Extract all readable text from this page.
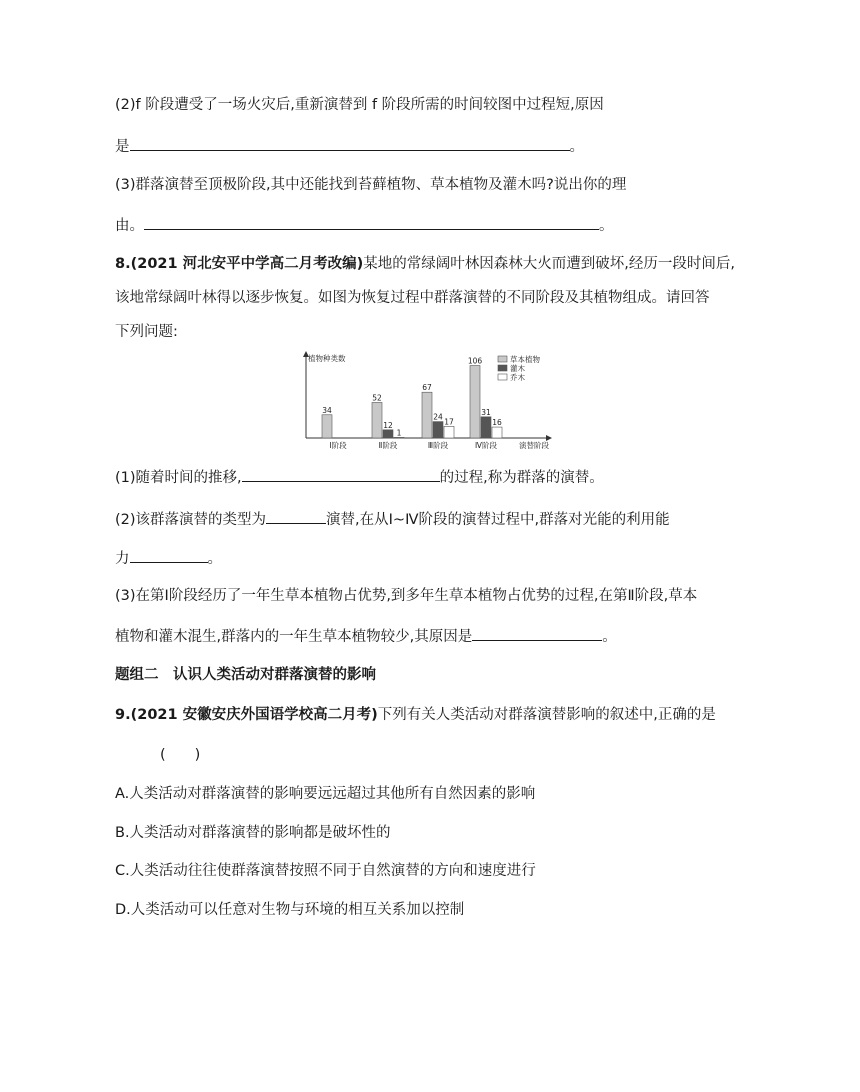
(2)f 阶段遭受了一场火灾后,重新演替到 f 阶段所需的时间较图中过程短,原因
是	。
(3)群落演替至顶极阶段,其中还能找到苔藓植物、草本植物及灌木吗?说出你的理
由。	。
8.(2021 河北安平中学高二月考改编)某地的常绿阔叶林因森林大火而遭到破坏,经历一段时间后,
该地常绿阔叶林得以逐步恢复。如图为恢复过程中群落演替的不同阶段及其植物组成。请回答
下列问题:
植物种类数
演替阶段
34
Ⅰ阶段
52
12
1
Ⅱ阶段
67
24
17
Ⅲ阶段
106
31
16
Ⅳ阶段
草本植物
灌木
乔木
(1)随着时间的推移,	的过程,称为群落的演替。
(2)该群落演替的类型为	演替,在从Ⅰ~Ⅳ阶段的演替过程中,群落对光能的利用能
力	。
(3)在第Ⅰ阶段经历了一年生草本植物占优势,到多年生草本植物占优势的过程,在第Ⅱ阶段,草本
植物和灌木混生,群落内的一年生草本植物较少,其原因是	。
题组二　认识人类活动对群落演替的影响
9.(2021 安徽安庆外国语学校高二月考)下列有关人类活动对群落演替影响的叙述中,正确的是
(　　)
A.人类活动对群落演替的影响要远远超过其他所有自然因素的影响
B.人类活动对群落演替的影响都是破坏性的
C.人类活动往往使群落演替按照不同于自然演替的方向和速度进行
D.人类活动可以任意对生物与环境的相互关系加以控制
